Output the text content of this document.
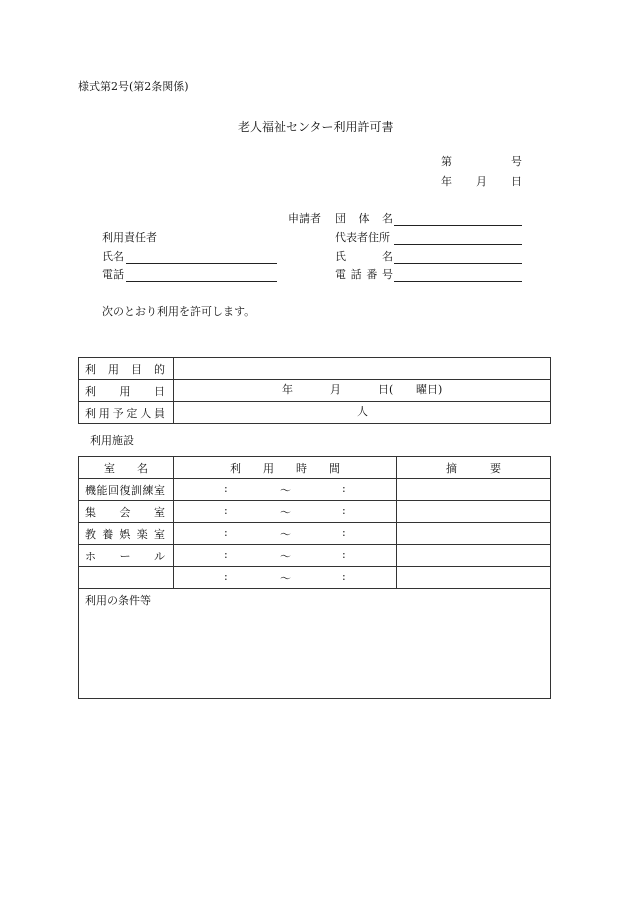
様式第2号(第2条関係)
老人福祉センター利用許可書
第	号
年 月 日
申請者 団 体 名
代表者住所
氏　　名
電 話 番 号
利用責任者
氏名
電話
次のとおり利用を許可します。
利用目的	

利用日	年 月 日( 曜日)

利用予定人員	人
利用施設
室　　名	利　　用　　時　　間	摘　　　要

機能回復訓練室	: ～ :	

集会室	: ～ :	

教養娯楽室	: ～ :	

ホール	: ～ :	

	: ～ :	

利用の条件等		
